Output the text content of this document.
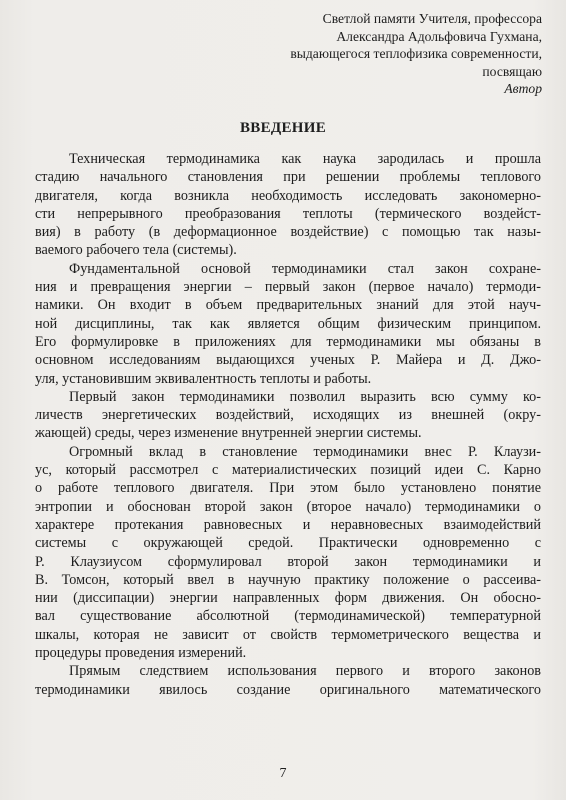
Светлой памяти Учителя, профессора
Александра Адольфовича Гухмана,
выдающегося теплофизика современности,
посвящаю
Автор
ВВЕДЕНИЕ

Техническая термодинамика как наука зародилась и прошла
стадию начального становления при решении проблемы теплового
двигателя, когда возникла необходимость исследовать закономерно-
сти непрерывного преобразования теплоты (термического воздейст-
вия) в работу (в деформационное воздействие) с помощью так назы-
ваемого рабочего тела (системы).

Фундаментальной основой термодинамики стал закон сохране-
ния и превращения энергии – первый закон (первое начало) термоди-
намики. Он входит в объем предварительных знаний для этой науч-
ной дисциплины, так как является общим физическим принципом.
Его формулировке в приложениях для термодинамики мы обязаны в
основном исследованиям выдающихся ученых Р. Майера и Д. Джо-
уля, установившим эквивалентность теплоты и работы.

Первый закон термодинамики позволил выразить всю сумму ко-
личеств энергетических воздействий, исходящих из внешней (окру-
жающей) среды, через изменение внутренней энергии системы.

Огромный вклад в становление термодинамики внес Р. Клаузи-
ус, который рассмотрел с материалистических позиций идеи С. Карно
о работе теплового двигателя. При этом было установлено понятие
энтропии и обоснован второй закон (второе начало) термодинамики о
характере протекания равновесных и неравновесных взаимодействий
системы с окружающей средой. Практически одновременно с
Р. Клаузиусом сформулировал второй закон термодинамики и
В. Томсон, который ввел в научную практику положение о рассеива-
нии (диссипации) энергии направленных форм движения. Он обосно-
вал существование абсолютной (термодинамической) температурной
шкалы, которая не зависит от свойств термометрического вещества и
процедуры проведения измерений.

Прямым следствием использования первого и второго законов
термодинамики явилось создание оригинального математического

7
